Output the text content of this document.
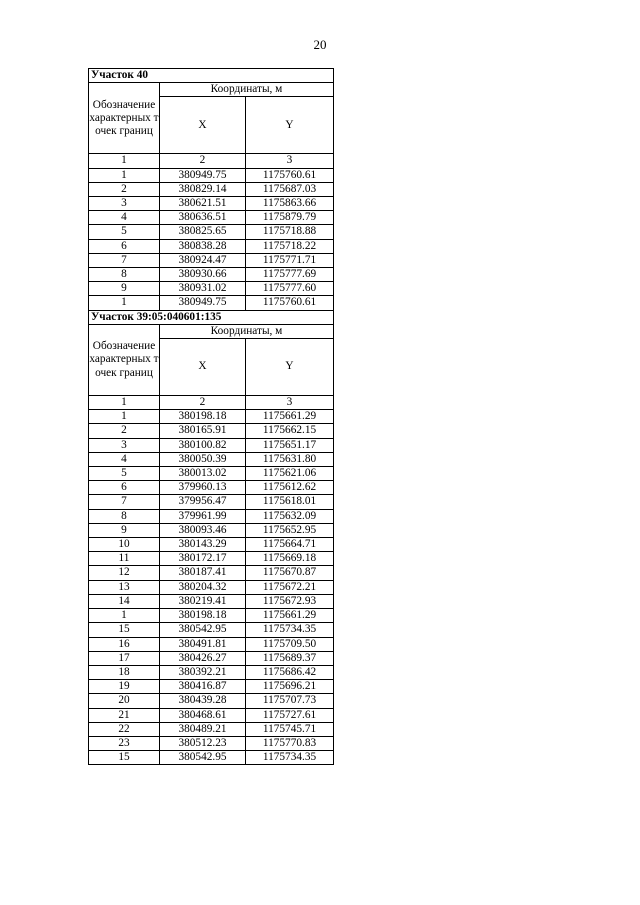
20
Участок 40		
Обозначение характерных точек границ	Координаты, м	
	X	Y
1	2	3
1	380949.75	1175760.61
2	380829.14	1175687.03
3	380621.51	1175863.66
4	380636.51	1175879.79
5	380825.65	1175718.88
6	380838.28	1175718.22
7	380924.47	1175771.71
8	380930.66	1175777.69
9	380931.02	1175777.60
1	380949.75	1175760.61
Участок 39:05:040601:135		
Обозначение характерных точек границ	Координаты, м	
	X	Y
1	2	3
1	380198.18	1175661.29
2	380165.91	1175662.15
3	380100.82	1175651.17
4	380050.39	1175631.80
5	380013.02	1175621.06
6	379960.13	1175612.62
7	379956.47	1175618.01
8	379961.99	1175632.09
9	380093.46	1175652.95
10	380143.29	1175664.71
11	380172.17	1175669.18
12	380187.41	1175670.87
13	380204.32	1175672.21
14	380219.41	1175672.93
1	380198.18	1175661.29
15	380542.95	1175734.35
16	380491.81	1175709.50
17	380426.27	1175689.37
18	380392.21	1175686.42
19	380416.87	1175696.21
20	380439.28	1175707.73
21	380468.61	1175727.61
22	380489.21	1175745.71
23	380512.23	1175770.83
15	380542.95	1175734.35
